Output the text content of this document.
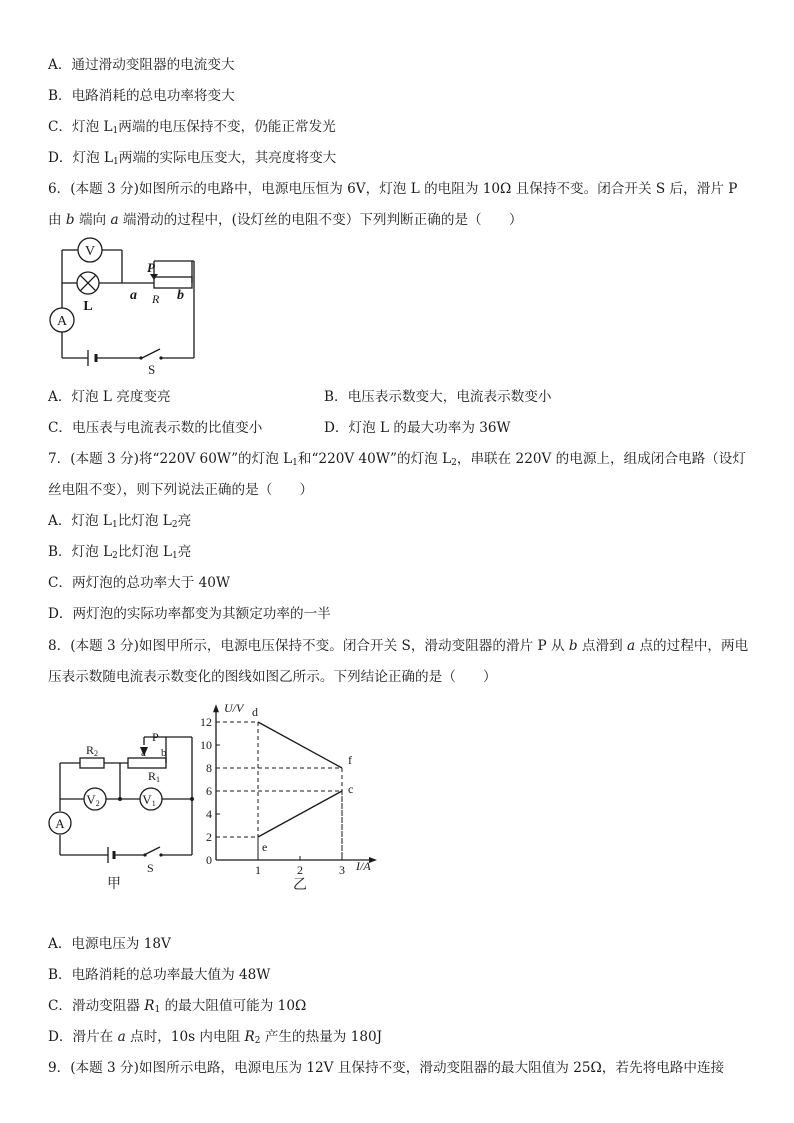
A．通过滑动变阻器的电流变大
B．电路消耗的总电功率将变大
C．灯泡 $L_1$两端的电压保持不变，仍能正常发光
D．灯泡 $L_1$两端的实际电压变大，其亮度将变大
6．(本题 3 分)如图所示的电路中，电源电压恒为 6V，灯泡 L 的电阻为 10Ω 且保持不变。闭合开关 S 后，滑片 P
由 b 端向 a 端滑动的过程中，(设灯丝的电阻不变）下列判断正确的是（　　）
V
L
A
P
a R b
S
A．灯泡 L 亮度变亮	B．电压表示数变大，电流表示数变小
C．电压表与电流表示数的比值变小	D．灯泡 L 的最大功率为 36W
7．(本题 3 分)将“220V 60W”的灯泡 $L_1$和“220V 40W”的灯泡 $L_2$，串联在 220V 的电源上，组成闭合电路（设灯
丝电阻不变），则下列说法正确的是（　　）
A．灯泡 $L_1$比灯泡 $L_2$亮
B．灯泡 $L_2$比灯泡 $L_1$亮
C．两灯泡的总功率大于 40W
D．两灯泡的实际功率都变为其额定功率的一半
8．(本题 3 分)如图甲所示，电源电压保持不变。闭合开关 S，滑动变阻器的滑片 P 从 b 点滑到 a 点的过程中，两电
压表示数随电流表示数变化的图线如图乙所示。下列结论正确的是（　　）
V2	V1
A
R2
P
a b
R1
S
甲
2
4
6
8
10
12
1	2	3
d
f
e
c
U/V
I/A
0
乙
A．电源电压为 18V
B．电路消耗的总功率最大值为 48W
C．滑动变阻器 $R_1$ 的最大阻值可能为 10Ω
D．滑片在 a 点时，10s 内电阻 $R_2$ 产生的热量为 180J
9．(本题 3 分)如图所示电路，电源电压为 12V 且保持不变，滑动变阻器的最大阻值为 25Ω，若先将电路中连接
